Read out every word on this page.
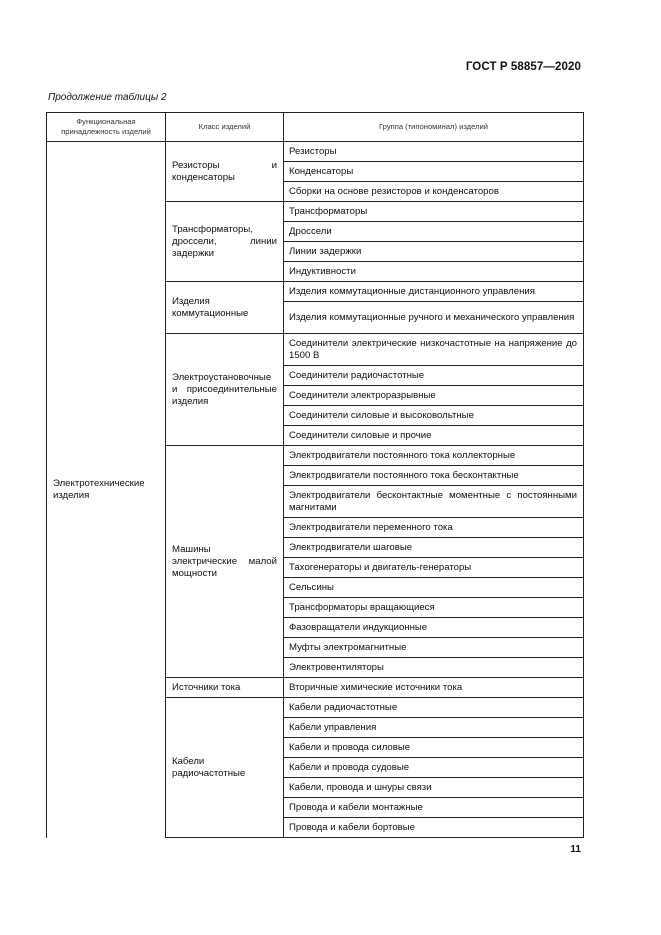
ГОСТ Р 58857—2020
Продолжение таблицы 2
Функциональная принадлежность изделий	Класс изделий	Группа (типономинал) изделий
Электротехнические изделия	Резисторы и конденсаторы	Резисторы
		Конденсаторы
		Сборки на основе резисторов и конденсаторов

	Трансформаторы, дроссели, линии задержки	Трансформаторы
		Дроссели
		Линии задержки
		Индуктивности

	Изделия коммутационные	Изделия коммутационные дистанционного управления
		Изделия коммутационные ручного и механического управления

	Электроустановочные и присоединительные изделия	Соединители электрические низкочастотные на напряжение до 1500 В
		Соединители радиочастотные
		Соединители электроразрывные
		Соединители силовые и высоковольтные
		Соединители силовые и прочие

	Машины электрические малой мощности	Электродвигатели постоянного тока коллекторные
		Электродвигатели постоянного тока бесконтактные
		Электродвигатели бесконтактные моментные с постоянными магнитами
		Электродвигатели переменного тока
		Электродвигатели шаговые
		Тахогенераторы и двигатель-генераторы
		Сельсины
		Трансформаторы вращающиеся
		Фазовращатели индукционные
		Муфты электромагнитные
		Электровентиляторы

	Источники тока	Вторичные химические источники тока

	Кабели радиочастотные	Кабели радиочастотные
		Кабели управления
		Кабели и провода силовые
		Кабели и провода судовые
		Кабели, провода и шнуры связи
		Провода и кабели монтажные
		Провода и кабели бортовые
11
